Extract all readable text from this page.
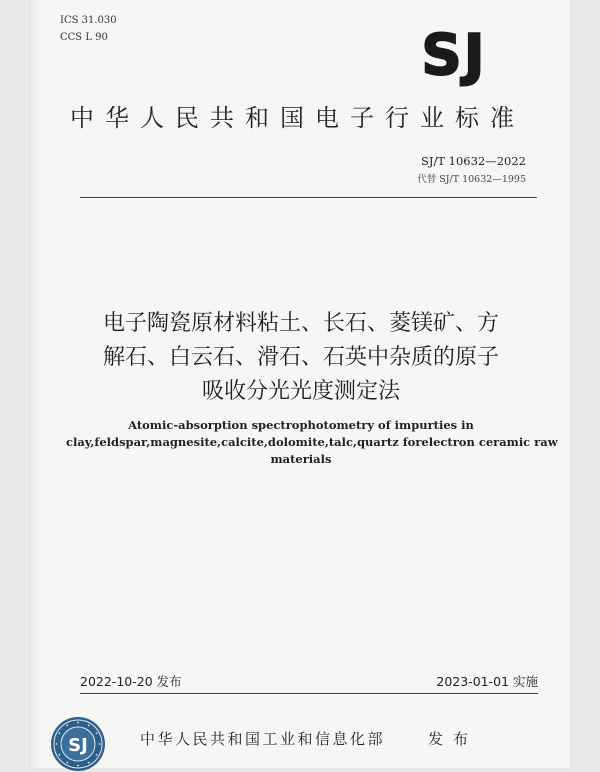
ICS 31.030
CCS L 90	SJ
中华人民共和国电子行业标准
SJ/T 10632—2022
代替 SJ/T 10632—1995
电子陶瓷原材料粘土、长石、菱镁矿、方
解石、白云石、滑石、石英中杂质的原子
吸收分光光度测定法
Atomic-absorption spectrophotometry of impurties in
clay,feldspar,magnesite,calcite,dolomite,talc,quartz forelectron ceramic raw
materials
2022-10-20 发布	2023-01-01 实施
SJ	中华人民共和国工业和信息化部	发布
